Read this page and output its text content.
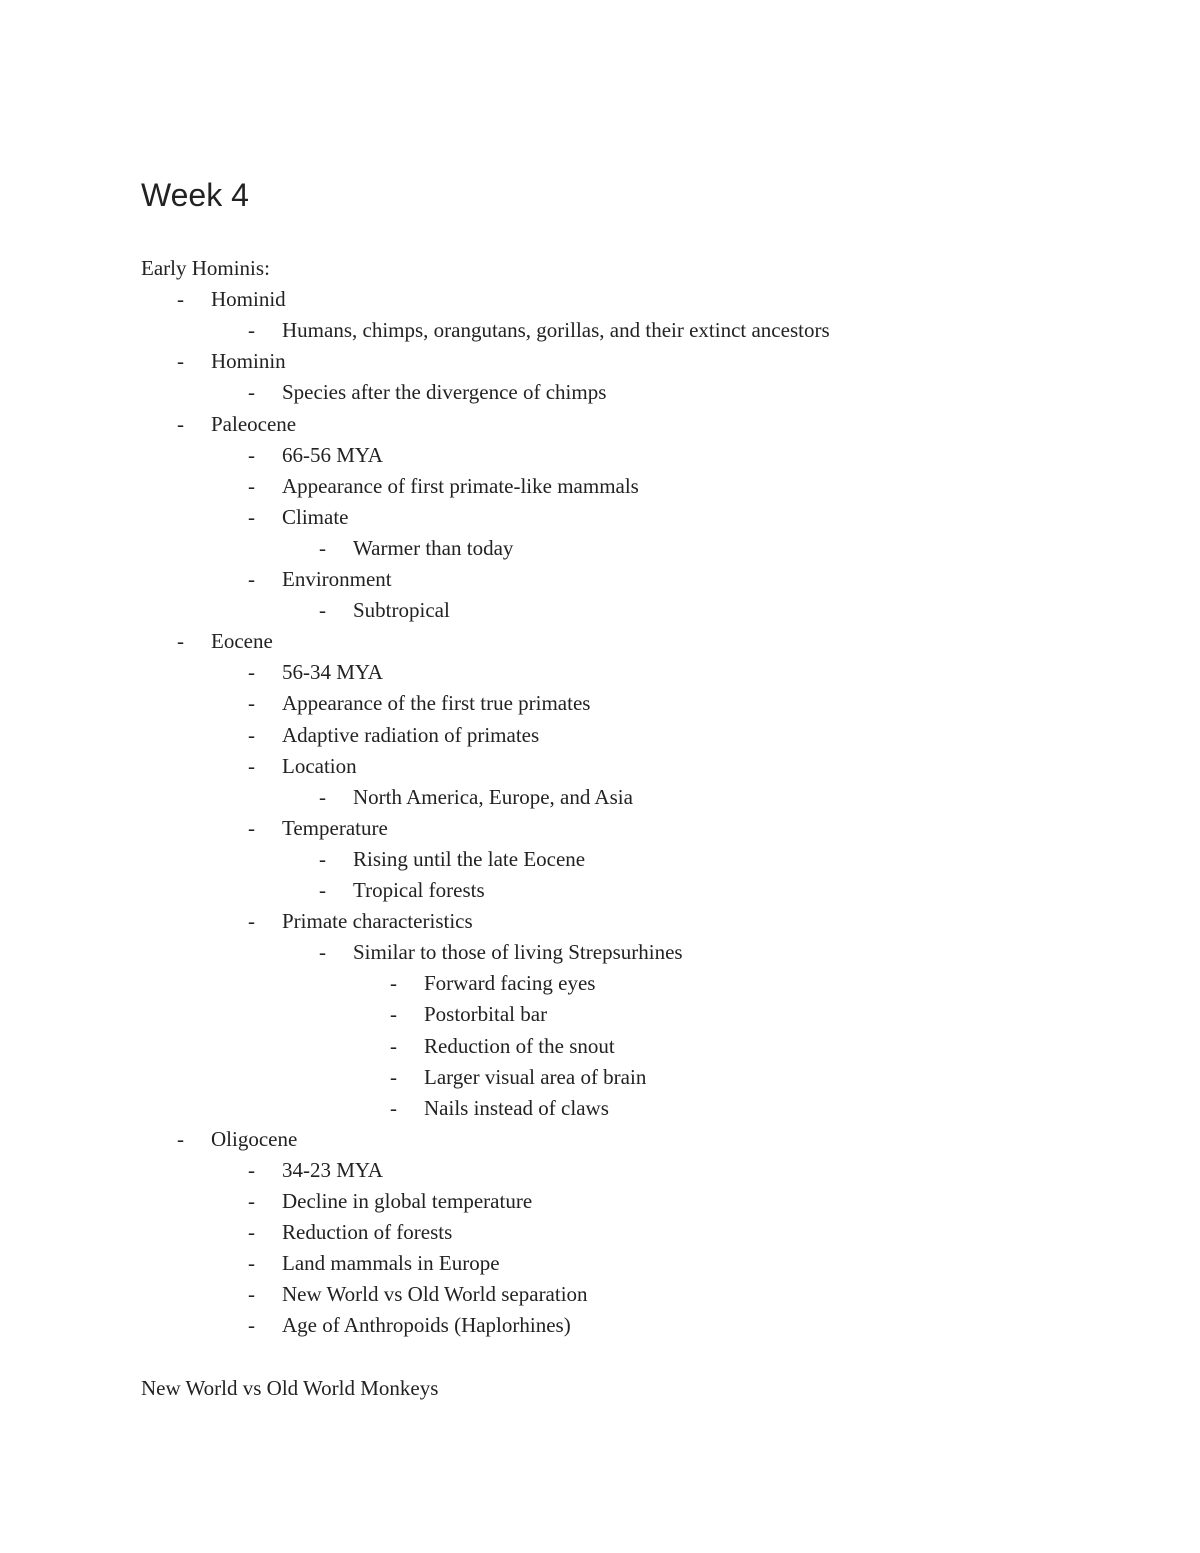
Week 4
Early Hominis:
- Hominid
- Humans, chimps, orangutans, gorillas, and their extinct ancestors
- Hominin
- Species after the divergence of chimps
- Paleocene
- 66-56 MYA
- Appearance of first primate-like mammals
- Climate
- Warmer than today
- Environment
- Subtropical
- Eocene
- 56-34 MYA
- Appearance of the first true primates
- Adaptive radiation of primates
- Location
- North America, Europe, and Asia
- Temperature
- Rising until the late Eocene
- Tropical forests
- Primate characteristics
- Similar to those of living Strepsurhines
- Forward facing eyes
- Postorbital bar
- Reduction of the snout
- Larger visual area of brain
- Nails instead of claws
- Oligocene
- 34-23 MYA
- Decline in global temperature
- Reduction of forests
- Land mammals in Europe
- New World vs Old World separation
- Age of Anthropoids (Haplorhines)
New World vs Old World Monkeys
